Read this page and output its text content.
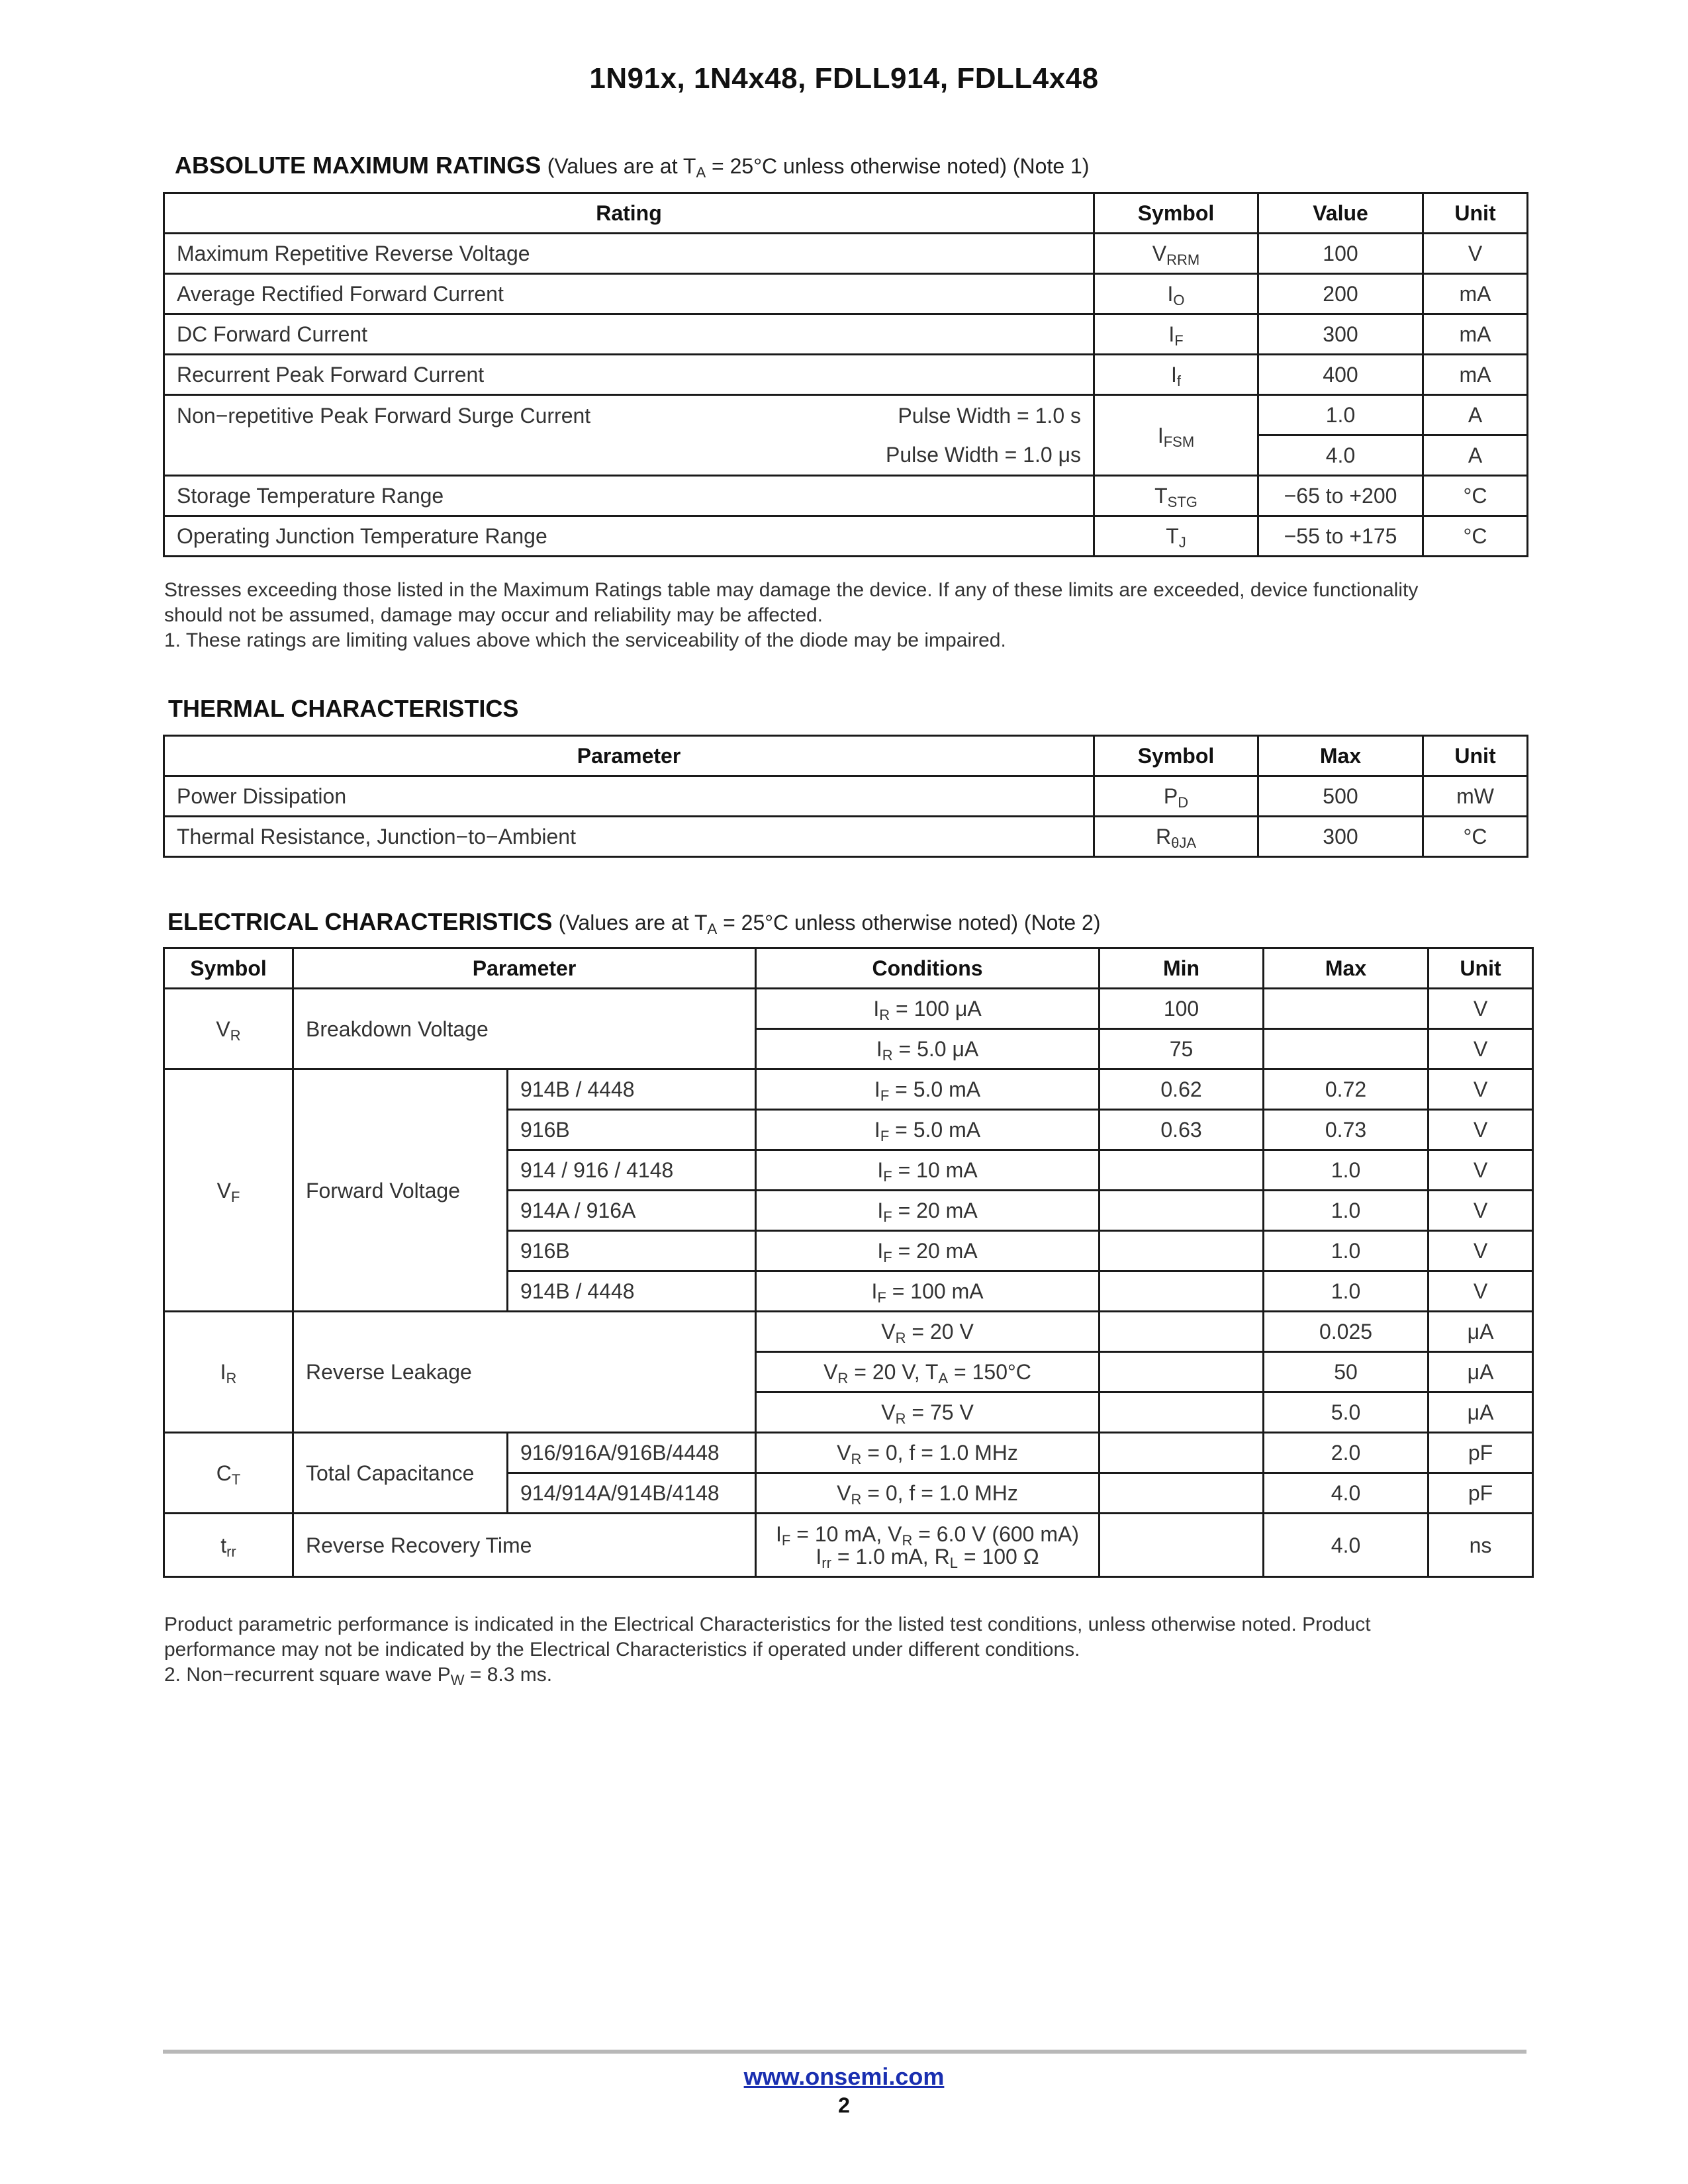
1N91x, 1N4x48, FDLL914, FDLL4x48
ABSOLUTE MAXIMUM RATINGS (Values are at $T_A = 25^\circ C$ unless otherwise noted) (Note 1)
Rating	Symbol	Value	Unit
Maximum Repetitive Reverse Voltage	$V_{RRM}$	100	V
Average Rectified Forward Current	$I_O$	200	mA
DC Forward Current	$I_F$	300	mA
Recurrent Peak Forward Current	$I_f$	400	mA
Non−repetitive Peak Forward Surge Current Pulse Width = 1.0 s	$I_{FSM}$	1.0	A
Pulse Width = 1.0 μs		4.0	A
Storage Temperature Range	$T_{STG}$	−65 to +200	°C
Operating Junction Temperature Range	$T_J$	−55 to +175	°C
Stresses exceeding those listed in the Maximum Ratings table may damage the device. If any of these limits are exceeded, device functionality
should not be assumed, damage may occur and reliability may be affected.
1. These ratings are limiting values above which the serviceability of the diode may be impaired.
THERMAL CHARACTERISTICS
Parameter	Symbol	Max	Unit
Power Dissipation	$P_D$	500	mW
Thermal Resistance, Junction−to−Ambient	$R_{\theta JA}$	300	°C
ELECTRICAL CHARACTERISTICS (Values are at $T_A = 25^\circ C$ unless otherwise noted) (Note 2)
Symbol	Parameter		Conditions	Min	Max	Unit
$V_R$	Breakdown Voltage		$I_R = 100$ μA	100		V
			$I_R = 5.0$ μA	75		V
$V_F$	Forward Voltage	914B / 4448	$I_F = 5.0$ mA	0.62	0.72	V
		916B	$I_F = 5.0$ mA	0.63	0.73	V
		914 / 916 / 4148	$I_F = 10$ mA		1.0	V
		914A / 916A	$I_F = 20$ mA		1.0	V
		916B	$I_F = 20$ mA		1.0	V
		914B / 4448	$I_F = 100$ mA		1.0	V
$I_R$	Reverse Leakage		$V_R = 20$ V		0.025	μA
			$V_R = 20$ V, $T_A = 150^\circ C$		50	μA
			$V_R = 75$ V		5.0	μA
$C_T$	Total Capacitance	916/916A/916B/4448	$V_R = 0$, f = 1.0 MHz		2.0	pF
		914/914A/914B/4148	$V_R = 0$, f = 1.0 MHz		4.0	pF
$t_{rr}$	Reverse Recovery Time		$I_F = 10$ mA, $V_R = 6.0$ V (600 mA)
$I_{rr} = 1.0$ mA, $R_L = 100$ Ω		4.0	ns
Product parametric performance is indicated in the Electrical Characteristics for the listed test conditions, unless otherwise noted. Product
performance may not be indicated by the Electrical Characteristics if operated under different conditions.
2. Non−recurrent square wave $P_W = 8.3$ ms.
www.onsemi.com
2
